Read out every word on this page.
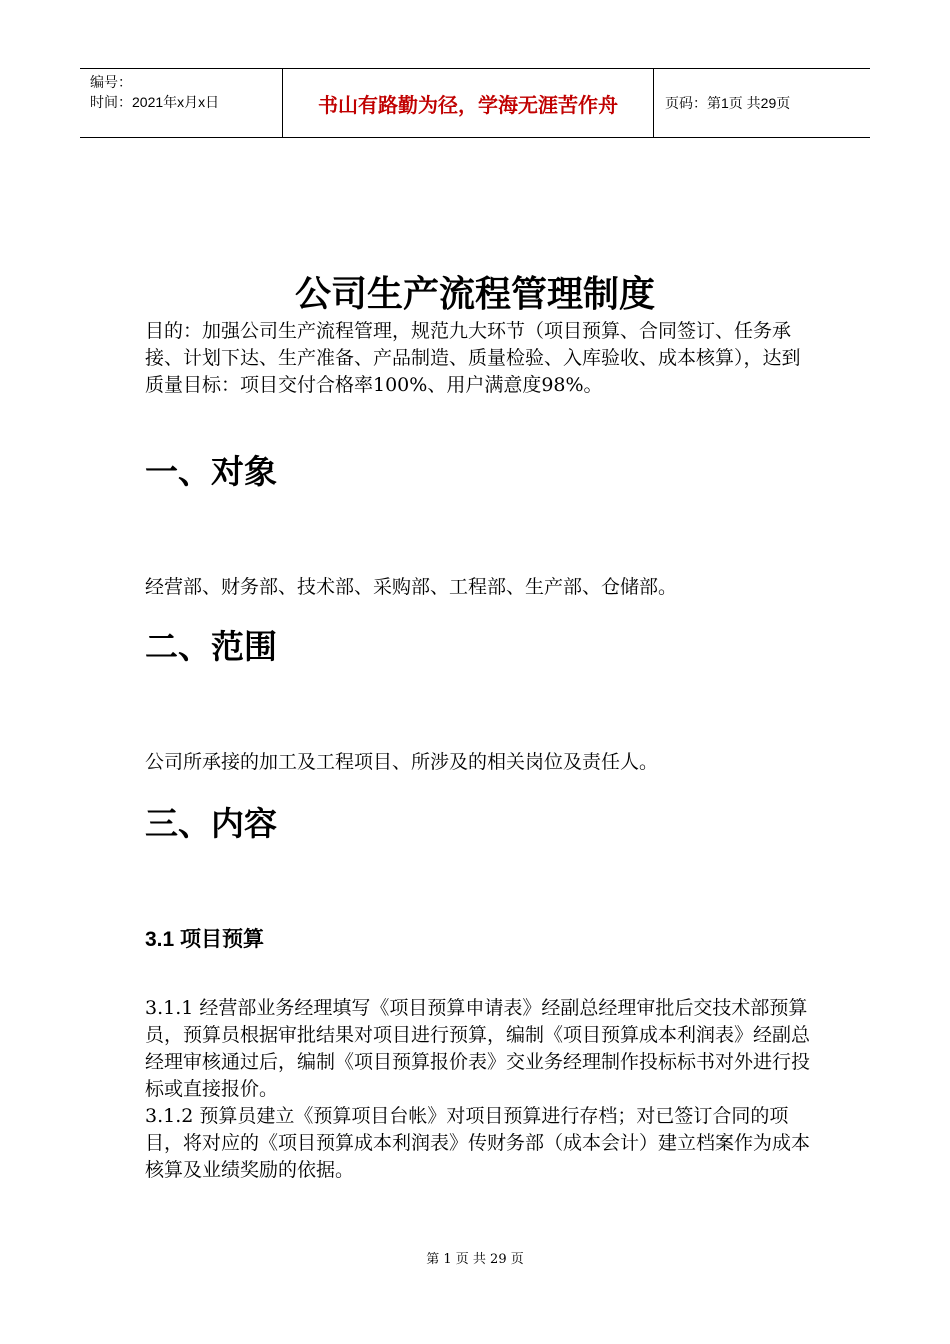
编号：
时间：2021年x月x日	书山有路勤为径，学海无涯苦作舟	页码：第1页 共29页
公司生产流程管理制度
目的：加强公司生产流程管理，规范九大环节（项目预算、合同签订、任务承接、计划下达、生产准备、产品制造、质量检验、入库验收、成本核算），达到质量目标：项目交付合格率100%、用户满意度98%。
一、对象
经营部、财务部、技术部、采购部、工程部、生产部、仓储部。
二、范围
公司所承接的加工及工程项目、所涉及的相关岗位及责任人。
三、内容
3.1 项目预算
3.1.1 经营部业务经理填写《项目预算申请表》经副总经理审批后交技术部预算员，预算员根据审批结果对项目进行预算，编制《项目预算成本利润表》经副总经理审核通过后，编制《项目预算报价表》交业务经理制作投标标书对外进行投标或直接报价。
3.1.2 预算员建立《预算项目台帐》对项目预算进行存档；对已签订合同的项目，将对应的《项目预算成本利润表》传财务部（成本会计）建立档案作为成本核算及业绩奖励的依据。
第 1 页 共 29 页
